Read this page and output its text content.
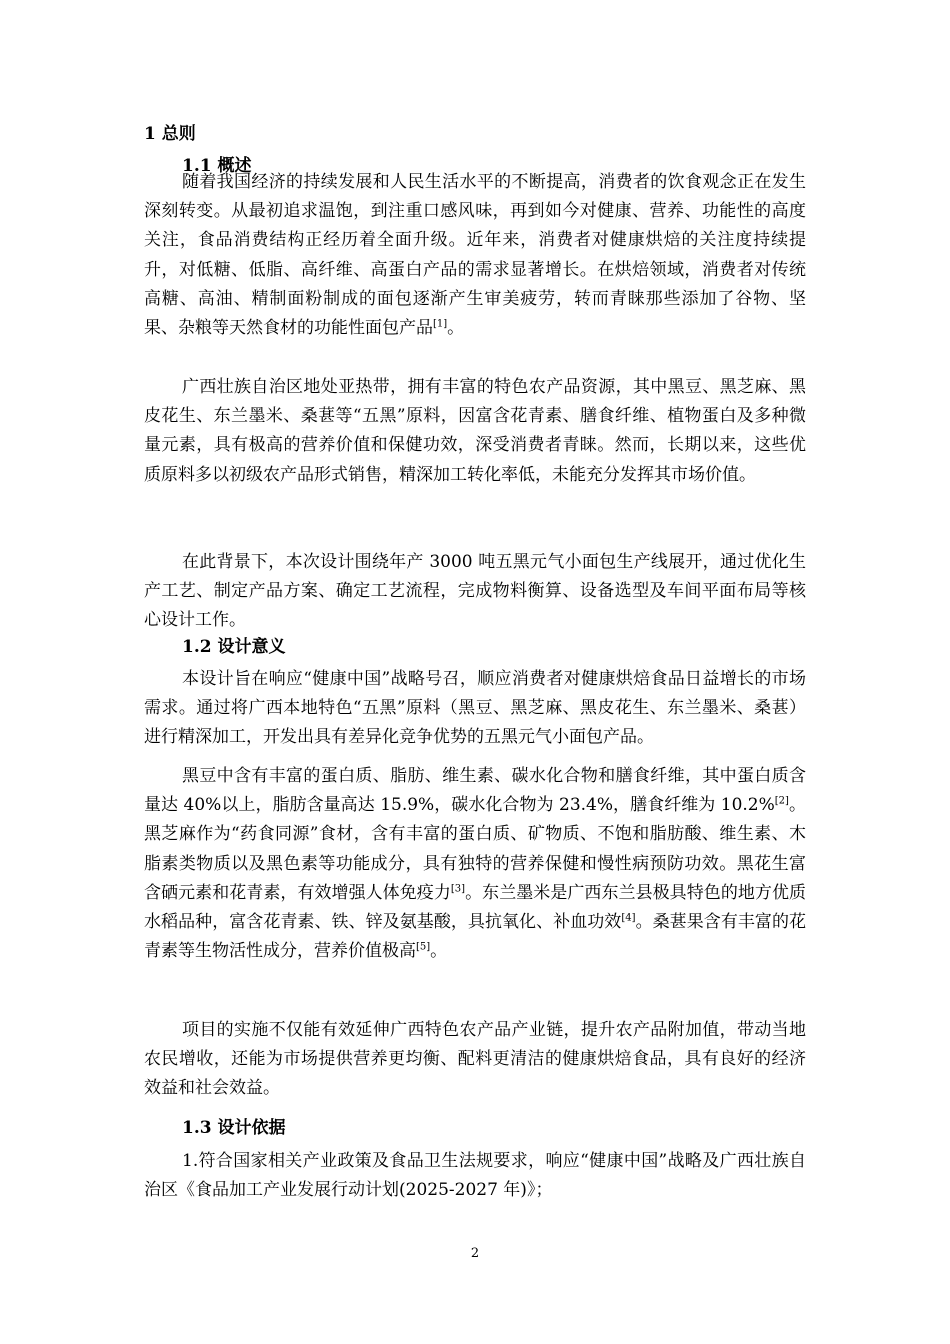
1 总则
1.1 概述
随着我国经济的持续发展和人民生活水平的不断提高，消费者的饮食观念正在发生深刻转变。从最初追求温饱，到注重口感风味，再到如今对健康、营养、功能性的高度关注，食品消费结构正经历着全面升级。近年来，消费者对健康烘焙的关注度持续提升，对低糖、低脂、高纤维、高蛋白产品的需求显著增长。在烘焙领域，消费者对传统高糖、高油、精制面粉制成的面包逐渐产生审美疲劳，转而青睐那些添加了谷物、坚果、杂粮等天然食材的功能性面包产品[1]。
广西壮族自治区地处亚热带，拥有丰富的特色农产品资源，其中黑豆、黑芝麻、黑皮花生、东兰墨米、桑葚等“五黑”原料，因富含花青素、膳食纤维、植物蛋白及多种微量元素，具有极高的营养价值和保健功效，深受消费者青睐。然而，长期以来，这些优质原料多以初级农产品形式销售，精深加工转化率低，未能充分发挥其市场价值。
在此背景下，本次设计围绕年产 3000 吨五黑元气小面包生产线展开，通过优化生产工艺、制定产品方案、确定工艺流程，完成物料衡算、设备选型及车间平面布局等核心设计工作。
1.2 设计意义
本设计旨在响应“健康中国”战略号召，顺应消费者对健康烘焙食品日益增长的市场需求。通过将广西本地特色“五黑”原料（黑豆、黑芝麻、黑皮花生、东兰墨米、桑葚）进行精深加工，开发出具有差异化竞争优势的五黑元气小面包产品。
黑豆中含有丰富的蛋白质、脂肪、维生素、碳水化合物和膳食纤维，其中蛋白质含量达 40%以上，脂肪含量高达 15.9%，碳水化合物为 23.4%，膳食纤维为 10.2%[2]。黑芝麻作为“药食同源”食材，含有丰富的蛋白质、矿物质、不饱和脂肪酸、维生素、木脂素类物质以及黑色素等功能成分，具有独特的营养保健和慢性病预防功效。黑花生富含硒元素和花青素，有效增强人体免疫力[3]。东兰墨米是广西东兰县极具特色的地方优质水稻品种，富含花青素、铁、锌及氨基酸，具抗氧化、补血功效[4]。桑葚果含有丰富的花青素等生物活性成分，营养价值极高[5]。
项目的实施不仅能有效延伸广西特色农产品产业链，提升农产品附加值，带动当地农民增收，还能为市场提供营养更均衡、配料更清洁的健康烘焙食品，具有良好的经济效益和社会效益。
1.3 设计依据
1.符合国家相关产业政策及食品卫生法规要求，响应“健康中国”战略及广西壮族自治区《食品加工产业发展行动计划(2025-2027 年)》；
2
